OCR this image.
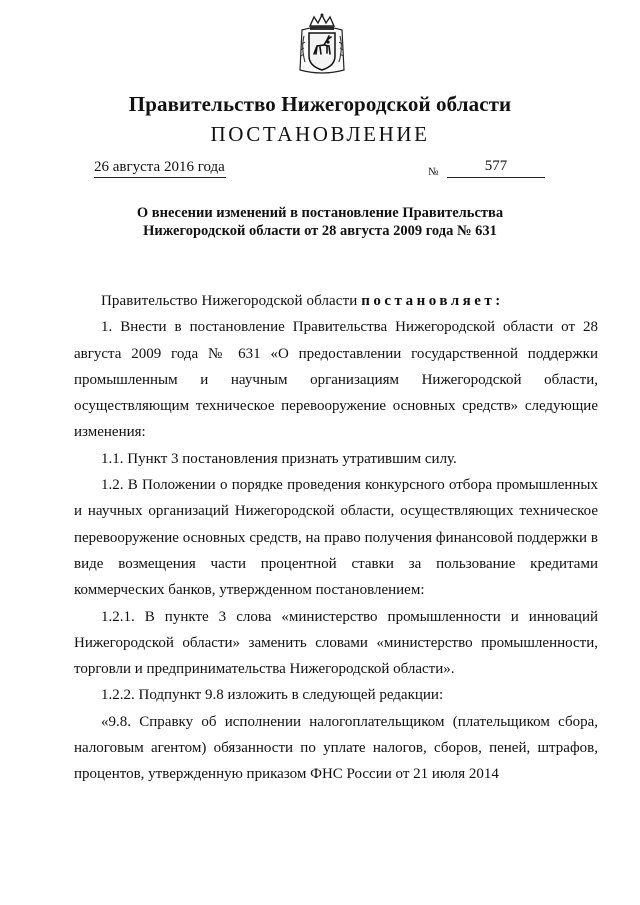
Правительство Нижегородской области
ПОСТАНОВЛЕНИЕ
26 августа 2016 года	№	577
О внесении изменений в постановление Правительства
Нижегородской области от 28 августа 2009 года № 631

Правительство Нижегородской области постановляет:

1. Внести в постановление Правительства Нижегородской области от 28 августа 2009 года № 631 «О предоставлении государственной поддержки промышленным и научным организациям Нижегородской области, осуществляющим техническое перевооружение основных средств» следующие изменения:

1.1. Пункт 3 постановления признать утратившим силу.

1.2. В Положении о порядке проведения конкурсного отбора промышленных и научных организаций Нижегородской области, осуществляющих техническое перевооружение основных средств, на право получения финансовой поддержки в виде возмещения части процентной ставки за пользование кредитами коммерческих банков, утвержденном постановлением:

1.2.1. В пункте 3 слова «министерство промышленности и инноваций Нижегородской области» заменить словами «министерство промышленности, торговли и предпринимательства Нижегородской области».

1.2.2. Подпункт 9.8 изложить в следующей редакции:

«9.8. Справку об исполнении налогоплательщиком (плательщиком сбора, налоговым агентом) обязанности по уплате налогов, сборов, пеней, штрафов, процентов, утвержденную приказом ФНС России от 21 июля 2014
